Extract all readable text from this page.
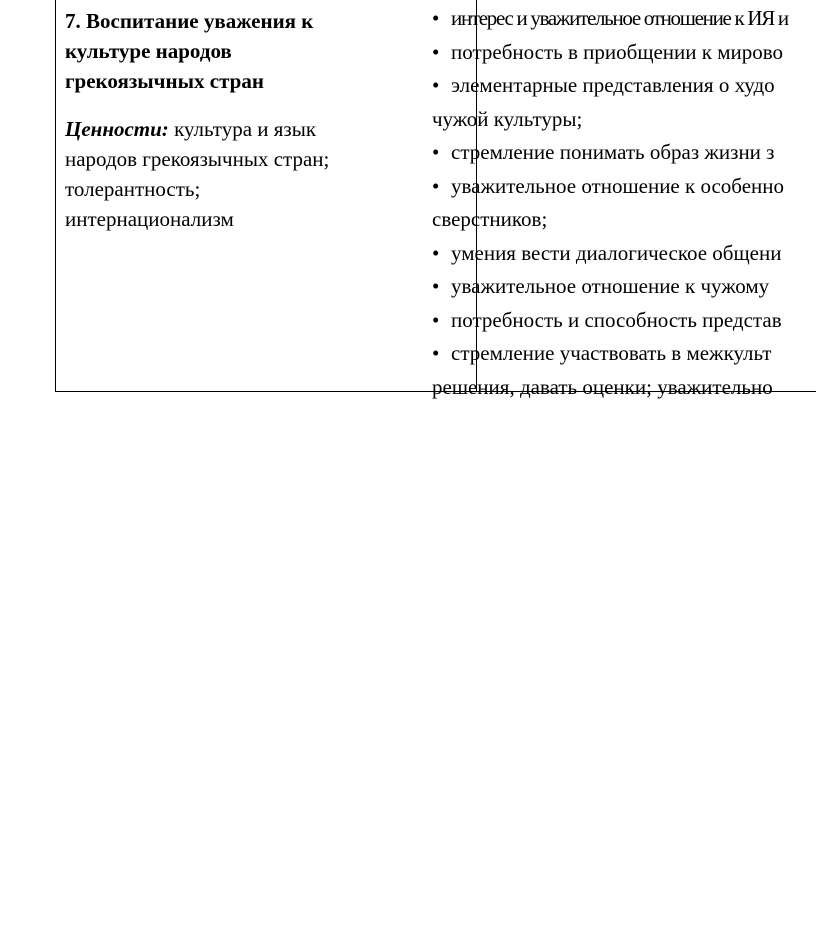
7. Воспитание уважения к
культуре народов
грекоязычных стран
Ценности: культура и язык
народов грекоязычных стран;
толерантность;
интернационализм
• интерес и уважительное отношение к ИЯ и
• потребность в приобщении к мирово
• элементарные представления о худо
чужой культуры;
• стремление понимать образ жизни з
• уважительное отношение к особенно
сверстников;
• умения вести диалогическое общени
• уважительное отношение к чужому
• потребность и способность представ
• стремление участвовать в межкульт
решения, давать оценки; уважительно
